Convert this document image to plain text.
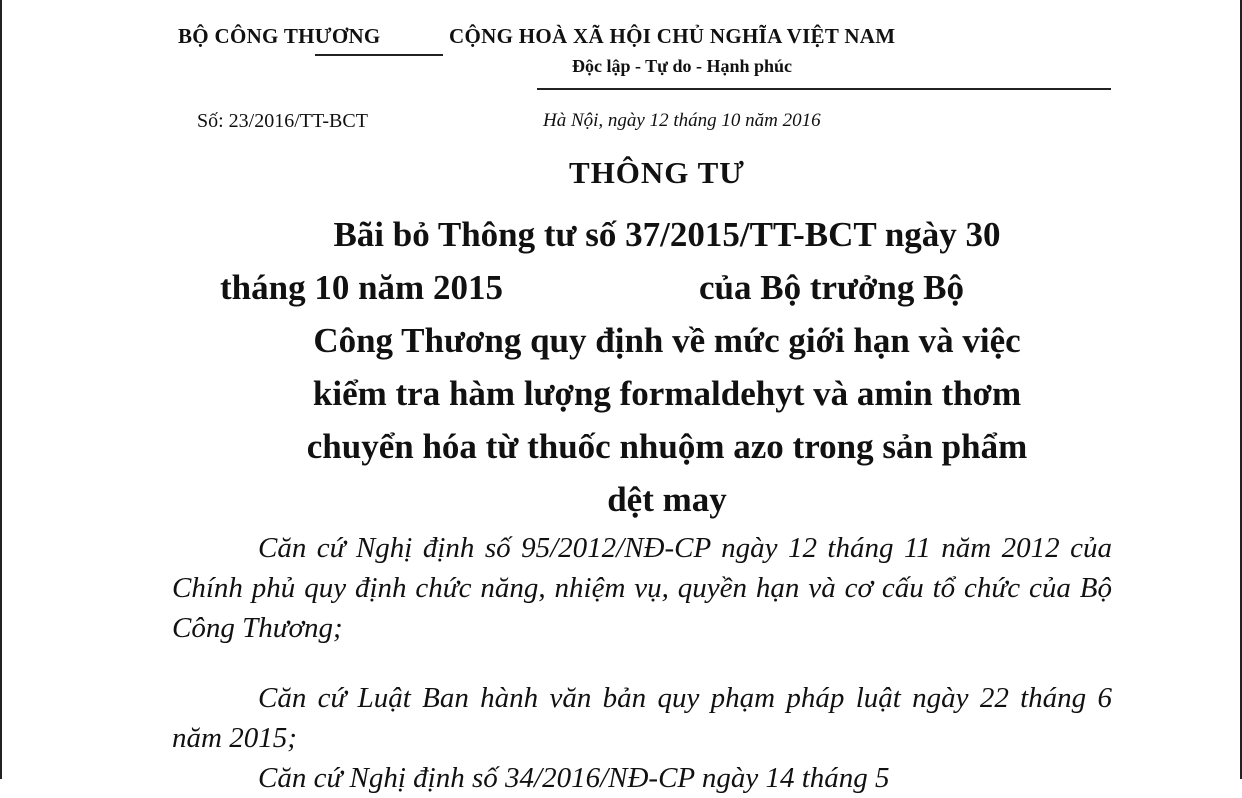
BỘ CÔNG THƯƠNG	CỘNG HOÀ XÃ HỘI CHỦ NGHĨA VIỆT NAM
Độc lập - Tự do - Hạnh phúc
Số: 23/2016/TT-BCT	Hà Nội, ngày 12 tháng 10 năm 2016
THÔNG TƯ
Bãi bỏ Thông tư số 37/2015/TT-BCT ngày 30
tháng 10 năm 2015	của Bộ trưởng Bộ
Công Thương quy định về mức giới hạn và việc
kiểm tra hàm lượng formaldehyt và amin thơm
chuyển hóa từ thuốc nhuộm azo trong sản phẩm
dệt may
Căn cứ Nghị định số 95/2012/NĐ-CP ngày 12 tháng 11 năm 2012 của Chính phủ quy định chức năng, nhiệm vụ, quyền hạn và cơ cấu tổ chức của Bộ Công Thương;
Căn cứ Luật Ban hành văn bản quy phạm pháp luật ngày 22 tháng 6 năm 2015;
Căn cứ Nghị định số 34/2016/NĐ-CP ngày 14 tháng 5
